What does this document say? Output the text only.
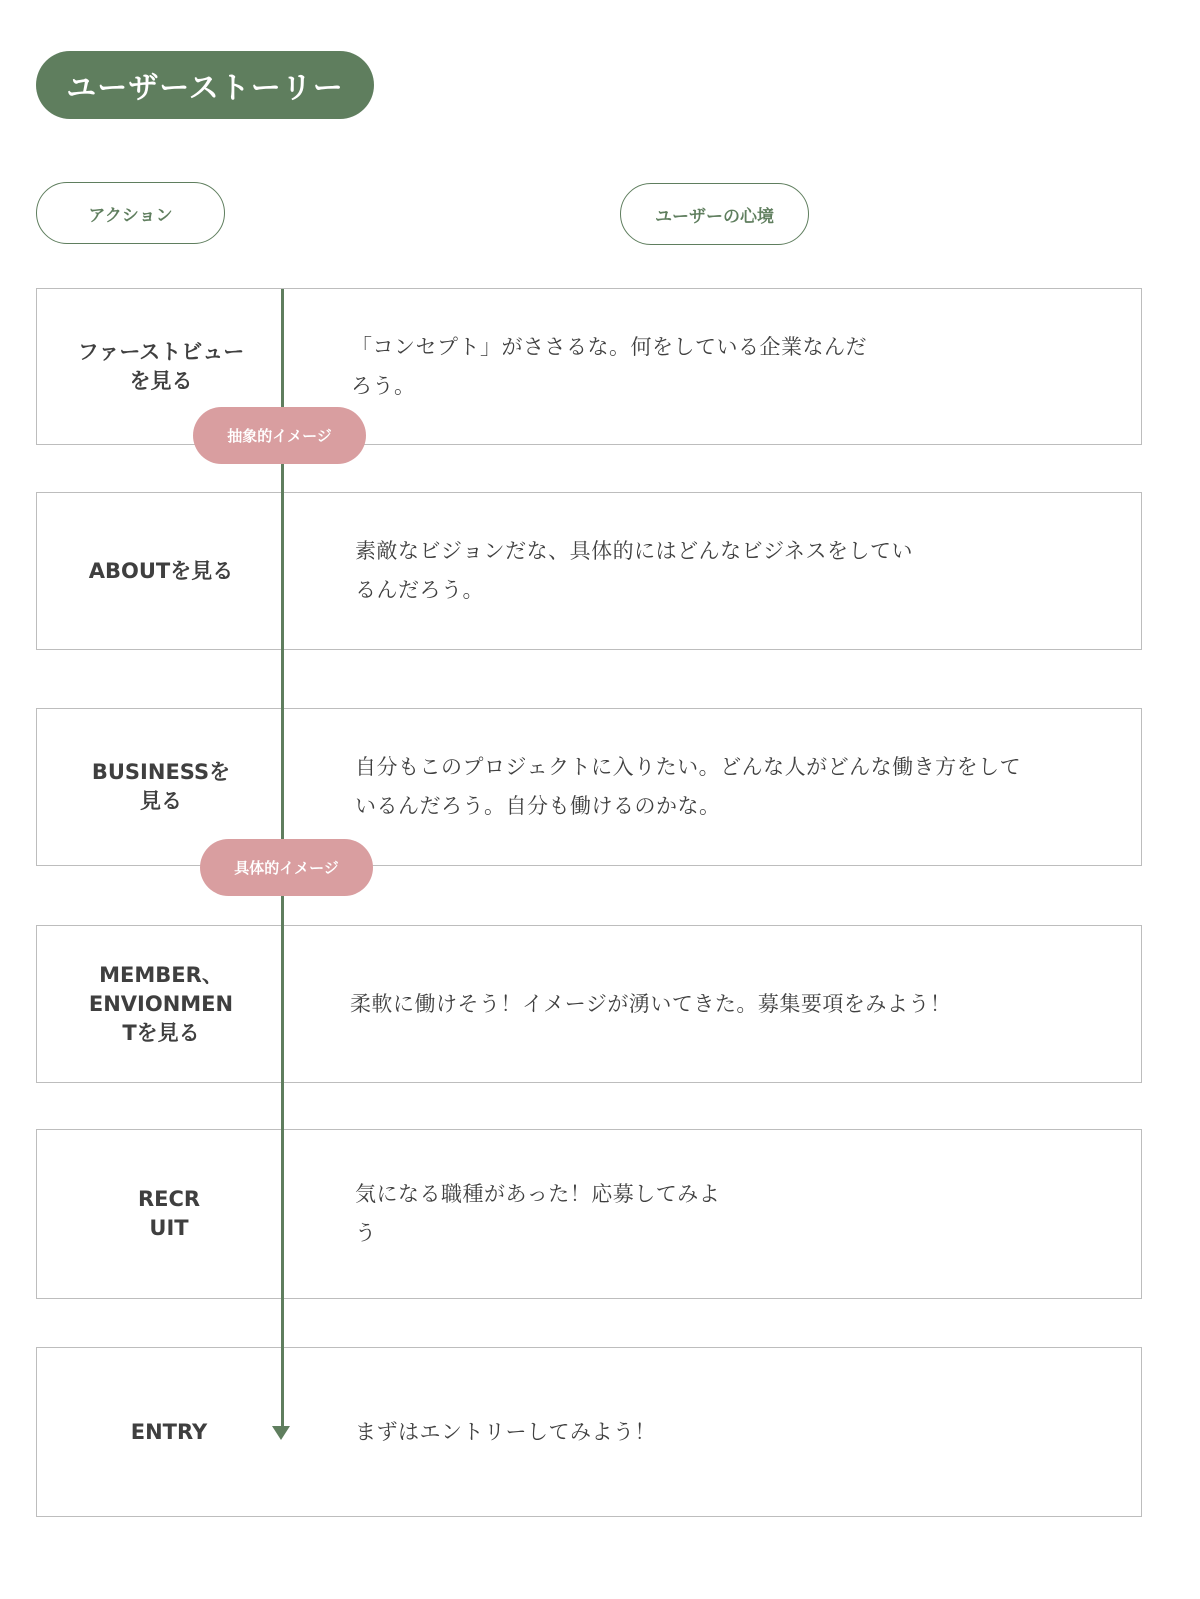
ユーザーストーリー
アクション	ユーザーの心境
ファーストビュー
を見る
「コンセプト」がささるな。何をしている企業なんだ
ろう。
ABOUTを見る
素敵なビジョンだな、具体的にはどんなビジネスをしてい
るんだろう。
BUSINESSを
見る
自分もこのプロジェクトに入りたい。どんな人がどんな働き方をして
いるんだろう。自分も働けるのかな。
MEMBER、
ENVIONMEN
Tを見る
柔軟に働けそう！イメージが湧いてきた。募集要項をみよう！
RECR
UIT
気になる職種があった！応募してみよ
う
ENTRY	まずはエントリーしてみよう！
抽象的イメージ
具体的イメージ
